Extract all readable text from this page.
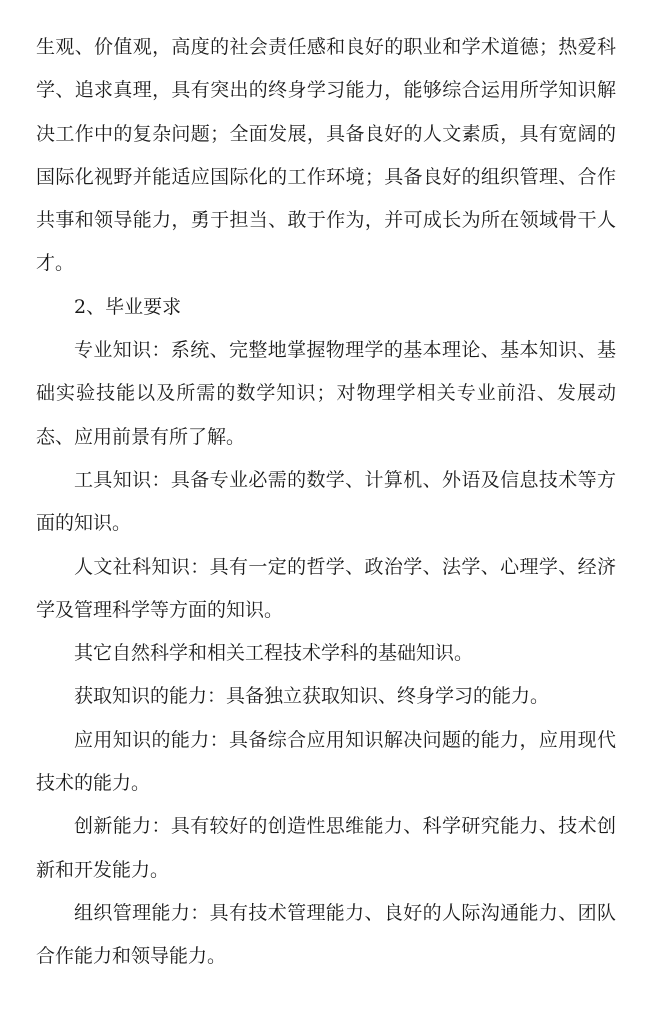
生观、价值观，高度的社会责任感和良好的职业和学术道德；热爱科学、追求真理，具有突出的终身学习能力，能够综合运用所学知识解决工作中的复杂问题；全面发展，具备良好的人文素质，具有宽阔的国际化视野并能适应国际化的工作环境；具备良好的组织管理、合作共事和领导能力，勇于担当、敢于作为，并可成长为所在领域骨干人才。

2、毕业要求

专业知识：系统、完整地掌握物理学的基本理论、基本知识、基础实验技能以及所需的数学知识；对物理学相关专业前沿、发展动态、应用前景有所了解。

工具知识：具备专业必需的数学、计算机、外语及信息技术等方面的知识。

人文社科知识：具有一定的哲学、政治学、法学、心理学、经济学及管理科学等方面的知识。

其它自然科学和相关工程技术学科的基础知识。

获取知识的能力：具备独立获取知识、终身学习的能力。

应用知识的能力：具备综合应用知识解决问题的能力，应用现代技术的能力。

创新能力：具有较好的创造性思维能力、科学研究能力、技术创新和开发能力。

组织管理能力：具有技术管理能力、良好的人际沟通能力、团队合作能力和领导能力。
